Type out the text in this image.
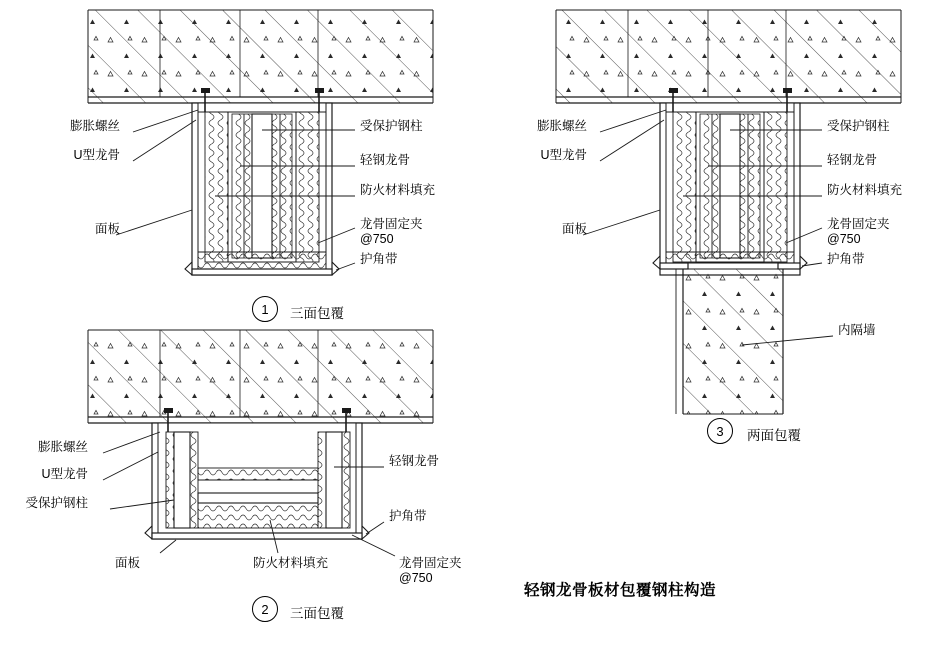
膨胀螺丝
U型龙骨
面板
受保护钢柱
轻钢龙骨
防火材料填充
龙骨固定夹
@750
护角带
1	三面包覆
膨胀螺丝
U型龙骨
受保护钢柱
轻钢龙骨
护角带
面板	防火材料填充	龙骨固定夹
@750
2	三面包覆
膨胀螺丝
U型龙骨
面板
受保护钢柱
轻钢龙骨
防火材料填充
龙骨固定夹
@750
护角带
内隔墙
3	两面包覆
轻钢龙骨板材包覆钢柱构造
